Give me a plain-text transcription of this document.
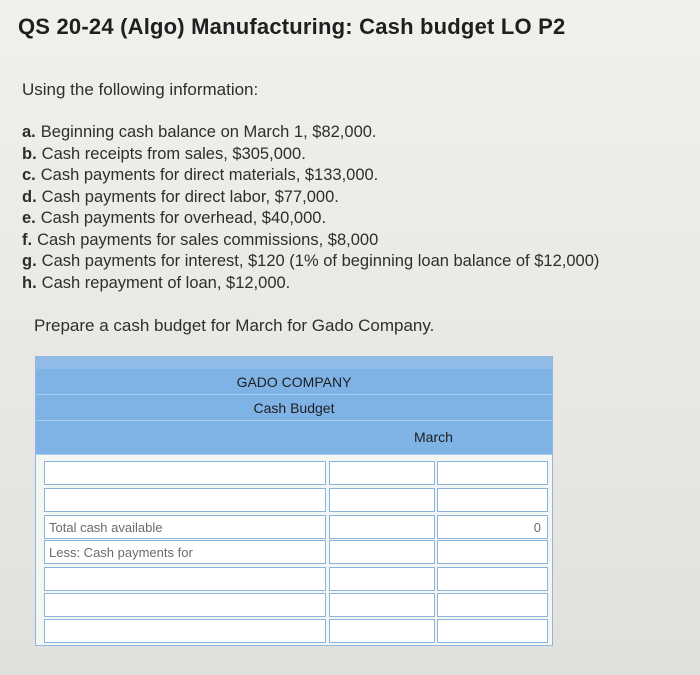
QS 20-24 (Algo) Manufacturing: Cash budget LO P2
Using the following information:
a. Beginning cash balance on March 1, $82,000.
b. Cash receipts from sales, $305,000.
c. Cash payments for direct materials, $133,000.
d. Cash payments for direct labor, $77,000.
e. Cash payments for overhead, $40,000.
f. Cash payments for sales commissions, $8,000
g. Cash payments for interest, $120 (1% of beginning loan balance of $12,000)
h. Cash repayment of loan, $12,000.
Prepare a cash budget for March for Gado Company.
GADO COMPANY
Cash Budget
March
Total cash available	0
Less: Cash payments for
